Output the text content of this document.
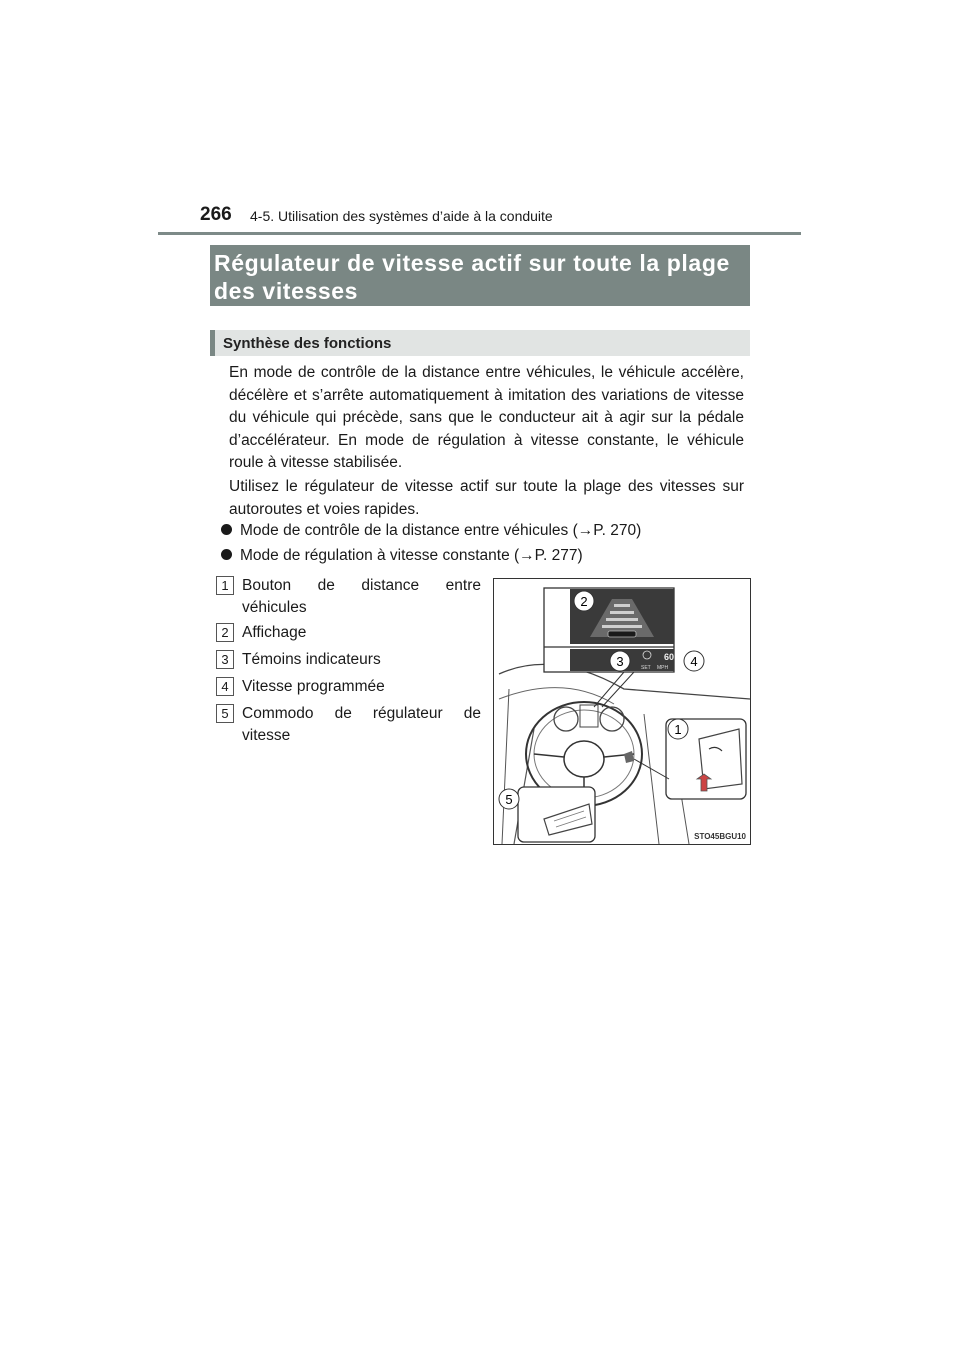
266 4-5. Utilisation des systèmes d’aide à la conduite
Régulateur de vitesse actif sur toute la plage des vitesses
Synthèse des fonctions
En mode de contrôle de la distance entre véhicules, le véhicule accélère, décélère et s’arrête automatiquement à imitation des variations de vitesse du véhicule qui précède, sans que le conducteur ait à agir sur la pédale d’accélérateur. En mode de régulation à vitesse constante, le véhicule roule à vitesse stabilisée.
Utilisez le régulateur de vitesse actif sur toute la plage des vitesses sur autoroutes et voies rapides.
Mode de contrôle de la distance entre véhicules (→P. 270)
Mode de régulation à vitesse constante (→P. 277)
1 Bouton de distance entre véhicules
2 Affichage
3 Témoins indicateurs
4 Vitesse programmée
5 Commodo de régulateur de vitesse
60
SET MPH
2
3	4
1
5
STO45BGU10
